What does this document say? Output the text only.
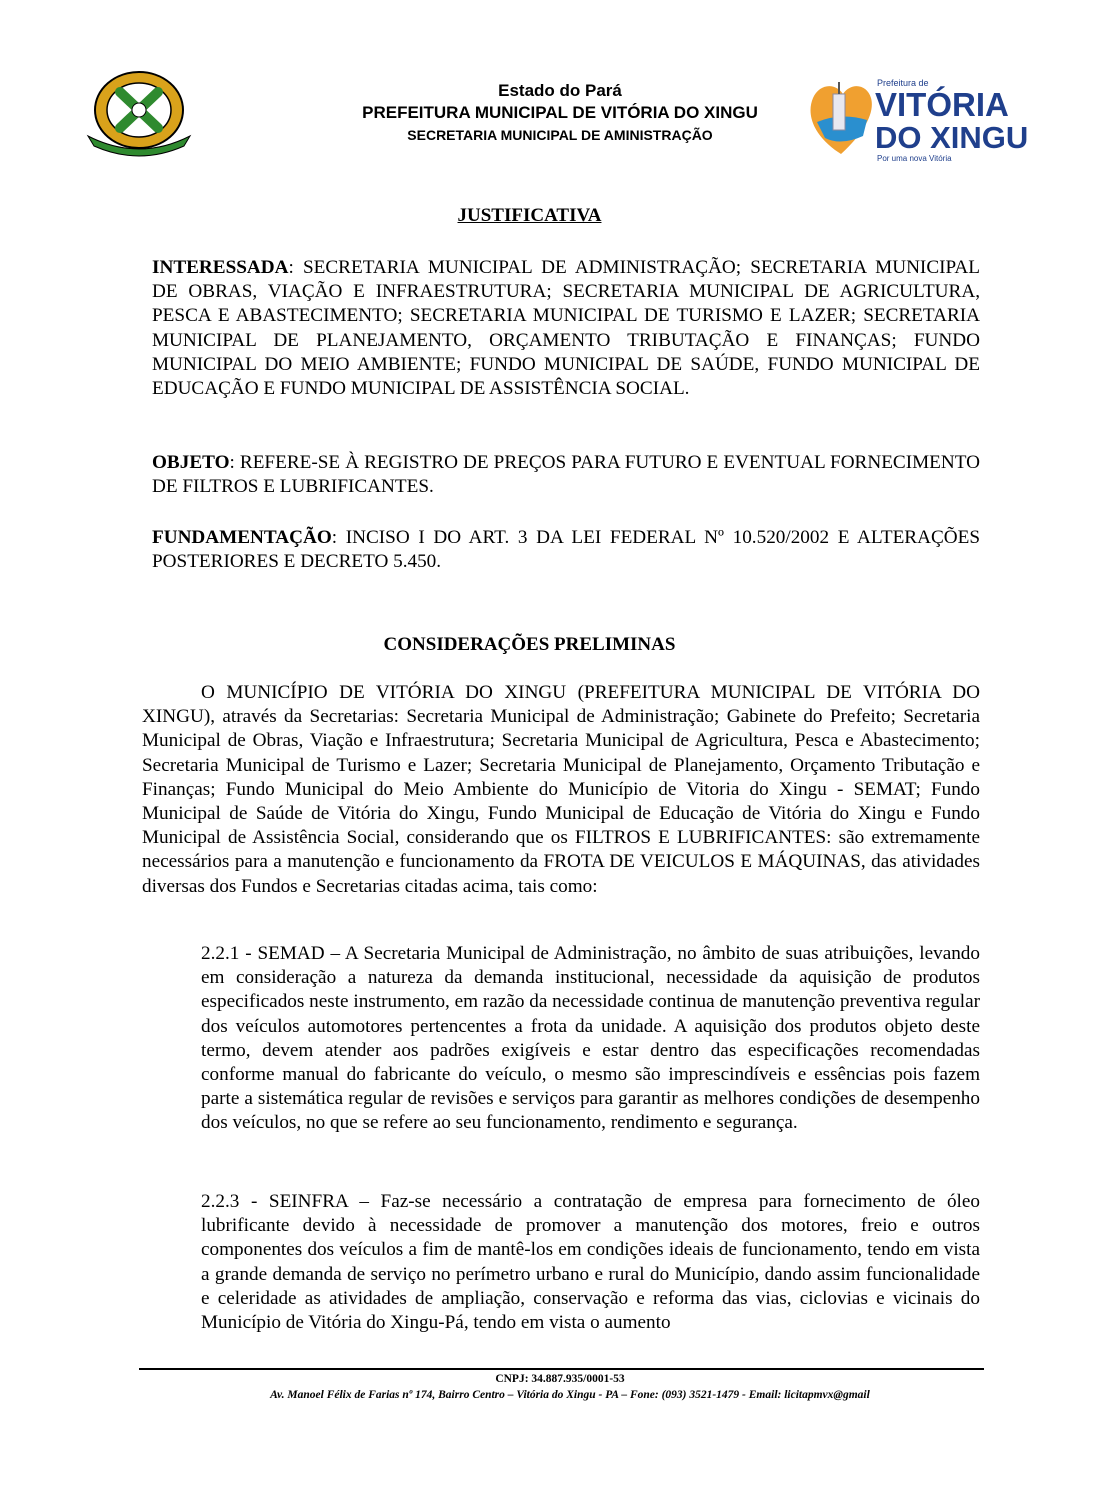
Estado do Pará
PREFEITURA MUNICIPAL DE VITÓRIA DO XINGU
SECRETARIA MUNICIPAL DE AMINISTRAÇÃO
Prefeitura de
VITÓRIA
DO XINGU
Por uma nova Vitória
JUSTIFICATIVA
INTERESSADA: SECRETARIA MUNICIPAL DE ADMINISTRAÇÃO; SECRETARIA MUNICIPAL DE OBRAS, VIAÇÃO E INFRAESTRUTURA; SECRETARIA MUNICIPAL DE AGRICULTURA, PESCA E ABASTECIMENTO; SECRETARIA MUNICIPAL DE TURISMO E LAZER; SECRETARIA MUNICIPAL DE PLANEJAMENTO, ORÇAMENTO TRIBUTAÇÃO E FINANÇAS; FUNDO MUNICIPAL DO MEIO AMBIENTE; FUNDO MUNICIPAL DE SAÚDE, FUNDO MUNICIPAL DE EDUCAÇÃO E FUNDO MUNICIPAL DE ASSISTÊNCIA SOCIAL.
OBJETO: REFERE-SE À REGISTRO DE PREÇOS PARA FUTURO E EVENTUAL FORNECIMENTO DE FILTROS E LUBRIFICANTES.
FUNDAMENTAÇÃO: INCISO I DO ART. 3 DA LEI FEDERAL Nº 10.520/2002 E ALTERAÇÕES POSTERIORES E DECRETO 5.450.
CONSIDERAÇÕES PRELIMINAS
O MUNICÍPIO DE VITÓRIA DO XINGU (PREFEITURA MUNICIPAL DE VITÓRIA DO XINGU), através da Secretarias: Secretaria Municipal de Administração; Gabinete do Prefeito; Secretaria Municipal de Obras, Viação e Infraestrutura; Secretaria Municipal de Agricultura, Pesca e Abastecimento; Secretaria Municipal de Turismo e Lazer; Secretaria Municipal de Planejamento, Orçamento Tributação e Finanças; Fundo Municipal do Meio Ambiente do Município de Vitoria do Xingu - SEMAT; Fundo Municipal de Saúde de Vitória do Xingu, Fundo Municipal de Educação de Vitória do Xingu e Fundo Municipal de Assistência Social, considerando que os FILTROS E LUBRIFICANTES: são extremamente necessários para a manutenção e funcionamento da FROTA DE VEICULOS E MÁQUINAS, das atividades diversas dos Fundos e Secretarias citadas acima, tais como:
2.2.1 - SEMAD – A Secretaria Municipal de Administração, no âmbito de suas atribuições, levando em consideração a natureza da demanda institucional, necessidade da aquisição de produtos especificados neste instrumento, em razão da necessidade continua de manutenção preventiva regular dos veículos automotores pertencentes a frota da unidade. A aquisição dos produtos objeto deste termo, devem atender aos padrões exigíveis e estar dentro das especificações recomendadas conforme manual do fabricante do veículo, o mesmo são imprescindíveis e essências pois fazem parte a sistemática regular de revisões e serviços para garantir as melhores condições de desempenho dos veículos, no que se refere ao seu funcionamento, rendimento e segurança.
2.2.3 - SEINFRA – Faz-se necessário a contratação de empresa para fornecimento de óleo lubrificante devido à necessidade de promover a manutenção dos motores, freio e outros componentes dos veículos a fim de mantê-los em condições ideais de funcionamento, tendo em vista a grande demanda de serviço no perímetro urbano e rural do Município, dando assim funcionalidade e celeridade as atividades de ampliação, conservação e reforma das vias, ciclovias e vicinais do Município de Vitória do Xingu-Pá, tendo em vista o aumento
CNPJ: 34.887.935/0001-53
Av. Manoel Félix de Farias nº 174, Bairro Centro – Vitória do Xingu - PA – Fone: (093) 3521-1479 - Email: licitapmvx@gmail
